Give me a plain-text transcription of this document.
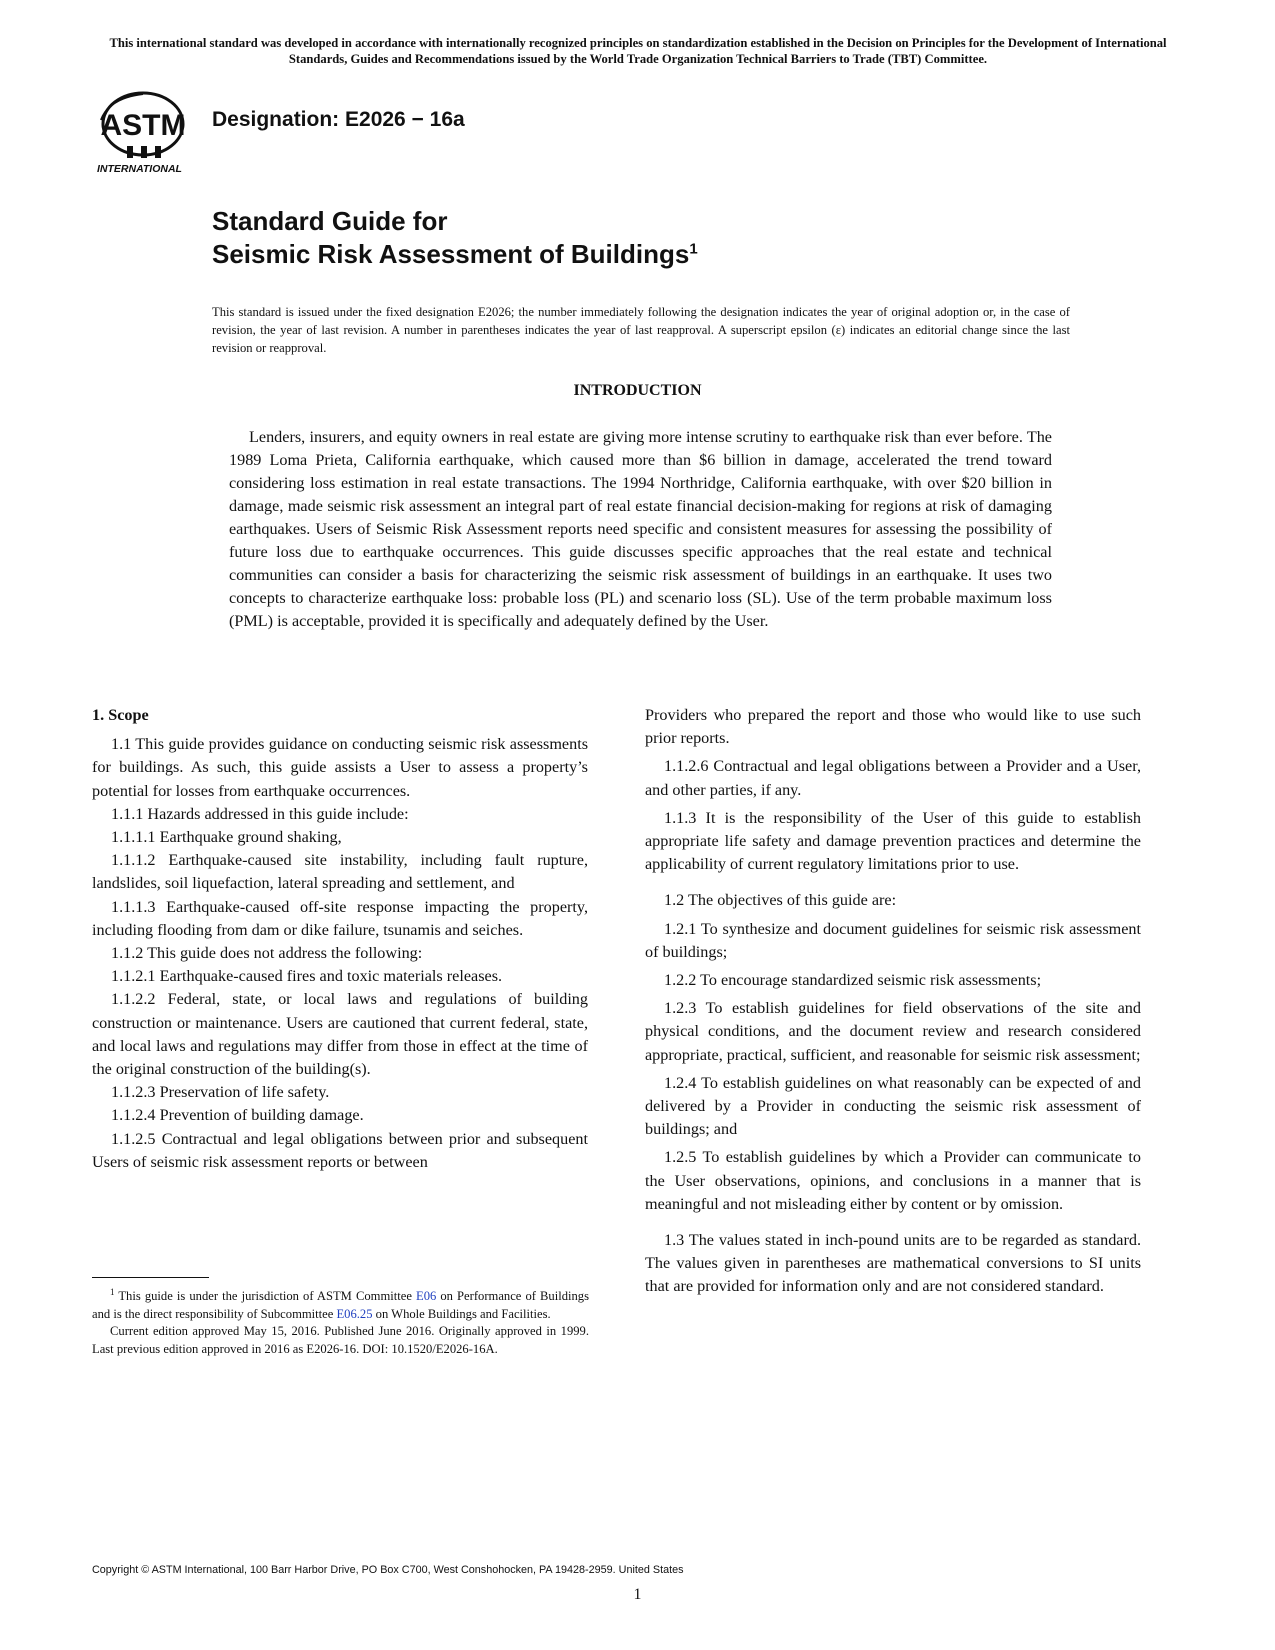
This international standard was developed in accordance with internationally recognized principles on standardization established in the Decision on Principles for the Development of International Standards, Guides and Recommendations issued by the World Trade Organization Technical Barriers to Trade (TBT) Committee.
ASTM
INTERNATIONAL
Designation: E2026 − 16a
Standard Guide for
Seismic Risk Assessment of Buildings$^1$
This standard is issued under the fixed designation E2026; the number immediately following the designation indicates the year of original adoption or, in the case of revision, the year of last revision. A number in parentheses indicates the year of last reapproval. A superscript epsilon (ε) indicates an editorial change since the last revision or reapproval.
INTRODUCTION

Lenders, insurers, and equity owners in real estate are giving more intense scrutiny to earthquake risk than ever before. The 1989 Loma Prieta, California earthquake, which caused more than $6 billion in damage, accelerated the trend toward considering loss estimation in real estate transactions. The 1994 Northridge, California earthquake, with over $20 billion in damage, made seismic risk assessment an integral part of real estate financial decision-making for regions at risk of damaging earthquakes. Users of Seismic Risk Assessment reports need specific and consistent measures for assessing the possibility of future loss due to earthquake occurrences. This guide discusses specific approaches that the real estate and technical communities can consider a basis for characterizing the seismic risk assessment of buildings in an earthquake. It uses two concepts to characterize earthquake loss: probable loss (PL) and scenario loss (SL). Use of the term probable maximum loss (PML) is acceptable, provided it is specifically and adequately defined by the User.

1. Scope

1.1 This guide provides guidance on conducting seismic risk assessments for buildings. As such, this guide assists a User to assess a property’s potential for losses from earthquake occurrences.

1.1.1 Hazards addressed in this guide include:

1.1.1.1 Earthquake ground shaking,

1.1.1.2 Earthquake-caused site instability, including fault rupture, landslides, soil liquefaction, lateral spreading and settlement, and

1.1.1.3 Earthquake-caused off-site response impacting the property, including flooding from dam or dike failure, tsunamis and seiches.

1.1.2 This guide does not address the following:

1.1.2.1 Earthquake-caused fires and toxic materials releases.

1.1.2.2 Federal, state, or local laws and regulations of building construction or maintenance. Users are cautioned that current federal, state, and local laws and regulations may differ from those in effect at the time of the original construction of the building(s).

1.1.2.3 Preservation of life safety.

1.1.2.4 Prevention of building damage.

1.1.2.5 Contractual and legal obligations between prior and subsequent Users of seismic risk assessment reports or between

Providers who prepared the report and those who would like to use such prior reports.

1.1.2.6 Contractual and legal obligations between a Provider and a User, and other parties, if any.

1.1.3 It is the responsibility of the User of this guide to establish appropriate life safety and damage prevention practices and determine the applicability of current regulatory limitations prior to use.

1.2 The objectives of this guide are:

1.2.1 To synthesize and document guidelines for seismic risk assessment of buildings;

1.2.2 To encourage standardized seismic risk assessments;

1.2.3 To establish guidelines for field observations of the site and physical conditions, and the document review and research considered appropriate, practical, sufficient, and reasonable for seismic risk assessment;

1.2.4 To establish guidelines on what reasonably can be expected of and delivered by a Provider in conducting the seismic risk assessment of buildings; and

1.2.5 To establish guidelines by which a Provider can communicate to the User observations, opinions, and conclusions in a manner that is meaningful and not misleading either by content or by omission.

1.3 The values stated in inch-pound units are to be regarded as standard. The values given in parentheses are mathematical conversions to SI units that are provided for information only and are not considered standard.

$^1$ This guide is under the jurisdiction of ASTM Committee E06 on Performance of Buildings and is the direct responsibility of Subcommittee E06.25 on Whole Buildings and Facilities.

Current edition approved May 15, 2016. Published June 2016. Originally approved in 1999. Last previous edition approved in 2016 as E2026-16. DOI: 10.1520/E2026-16A.

Copyright © ASTM International, 100 Barr Harbor Drive, PO Box C700, West Conshohocken, PA 19428-2959. United States
1
